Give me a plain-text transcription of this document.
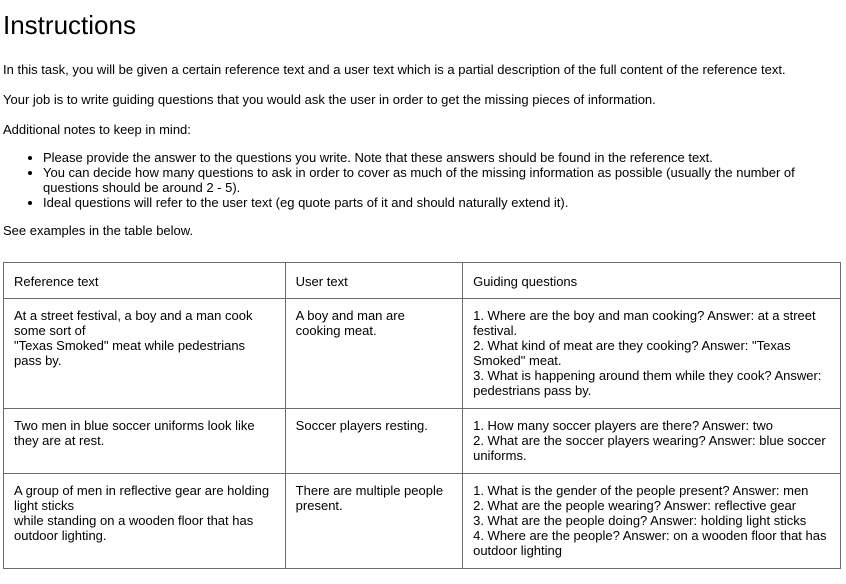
Instructions

In this task, you will be given a certain reference text and a user text which is a partial description of the full content of the reference text.

Your job is to write guiding questions that you would ask the user in order to get the missing pieces of information.

Additional notes to keep in mind:

• Please provide the answer to the questions you write. Note that these answers should be found in the reference text.
• You can decide how many questions to ask in order to cover as much of the missing information as possible (usually the number of questions should be around 2 - 5).
• Ideal questions will refer to the user text (eg quote parts of it and should naturally extend it).

See examples in the table below.

Reference text	User text	Guiding questions

At a street festival, a boy and a man cook some sort of
"Texas Smoked" meat while pedestrians pass by.	A boy and man are cooking meat.	1. Where are the boy and man cooking? Answer: at a street festival.
2. What kind of meat are they cooking? Answer: "Texas Smoked" meat.
3. What is happening around them while they cook? Answer: pedestrians pass by.

Two men in blue soccer uniforms look like they are at rest.	Soccer players resting.	1. How many soccer players are there? Answer: two
2. What are the soccer players wearing? Answer: blue soccer uniforms.

A group of men in reflective gear are holding light sticks
while standing on a wooden floor that has outdoor lighting.	There are multiple people present.	1. What is the gender of the people present? Answer: men
2. What are the people wearing? Answer: reflective gear
3. What are the people doing? Answer: holding light sticks
4. Where are the people? Answer: on a wooden floor that has outdoor lighting
